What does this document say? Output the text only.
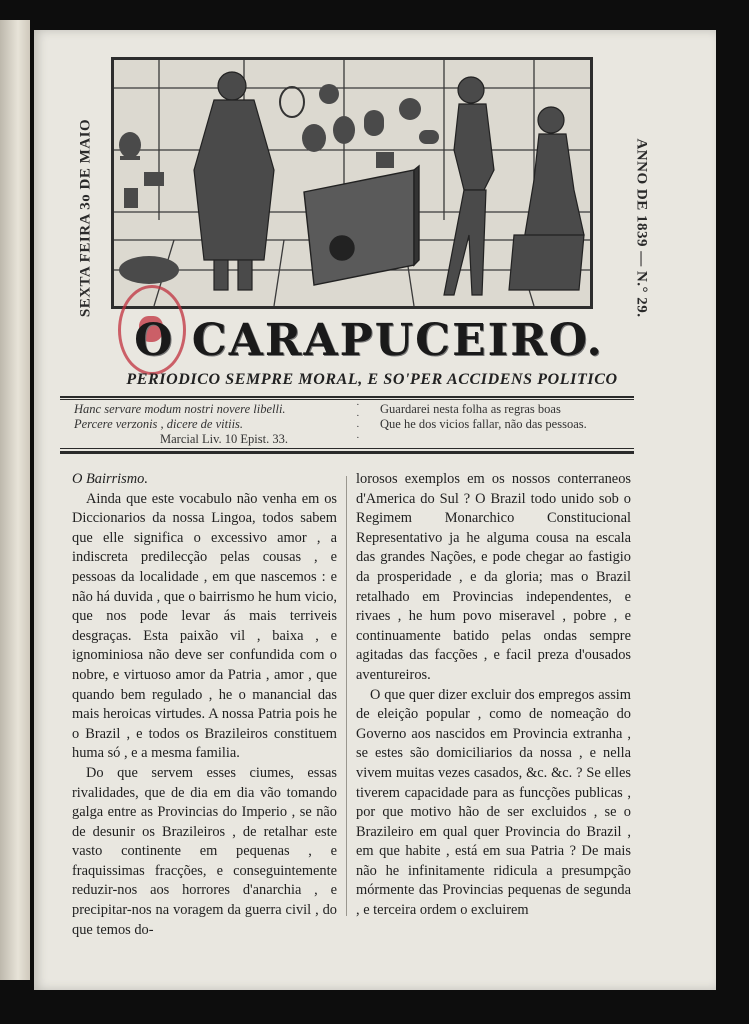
SEXTA FEIRA 3o DE MAIO	ANNO DE 1839 — N.° 29.
O CARAPUCEIRO.
PERIODICO SEMPRE MORAL, E SO'PER ACCIDENS POLITICO
Hanc servare modum nostri novere libelli.
Percere verzonis , dicere de vitiis.
Marcial Liv. 10 Epist. 33.
·
·
·
·
Guardarei nesta folha as regras boas
Que he dos vicios fallar, não das pessoas.

O Bairrismo.

Ainda que este vocabulo não venha em os Diccionarios da nossa Lingoa, todos sabem que elle significa o excessivo amor , a indiscreta predilecção pelas cousas , e pessoas da localidade , em que nascemos : e não há duvida , que o bairrismo he hum vicio, que nos pode levar ás mais terriveis desgraças. Esta paixão vil , baixa , e ignominiosa não deve ser confundida com o nobre, e virtuoso amor da Patria , amor , que quando bem regulado , he o manancial das mais heroicas virtudes. A nossa Patria pois he o Brazil , e todos os Brazileiros constituem huma só , e a mesma familia.

Do que servem esses ciumes, essas rivalidades, que de dia em dia vão tomando galga entre as Provincias do Imperio , se não de desunir os Brazileiros , de retalhar este vasto continente em pequenas , e fraquissimas fracções, e conseguintemente reduzir-nos aos horrores d'anarchia , e precipitar-nos na voragem da guerra civil , do que temos do-

lorosos exemplos em os nossos conterraneos d'America do Sul ? O Brazil todo unido sob o Regimem Monarchico Constitucional Representativo ja he alguma cousa na escala das grandes Nações, e pode chegar ao fastigio da prosperidade , e da gloria; mas o Brazil retalhado em Provincias independentes, e rivaes , he hum povo miseravel , pobre , e continuamente batido pelas ondas sempre agitadas das facções , e facil preza d'ousados aventureiros.

O que quer dizer excluir dos empregos assim de eleição popular , como de nomeação do Governo aos nascidos em Provincia extranha , se estes são domiciliarios da nossa , e nella vivem muitas vezes casados, &c. &c. ? Se elles tiverem capacidade para as funcções publicas , por que motivo hão de ser excluidos , se o Brazileiro em qual quer Provincia do Brazil , em que habite , está em sua Patria ? De mais não he infinitamente ridicula a presumpção mórmente das Provincias pequenas de segunda , e terceira ordem o excluirem
